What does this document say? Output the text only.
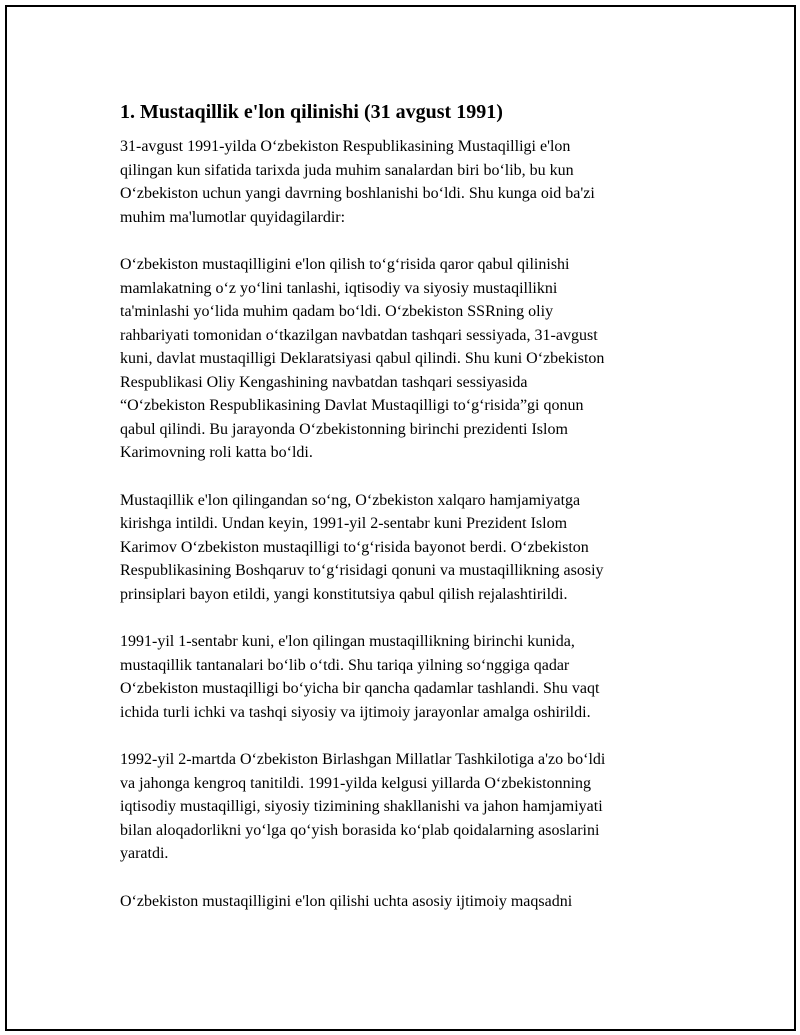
1. Mustaqillik e'lon qilinishi (31 avgust 1991)

31-avgust 1991-yilda O‘zbekiston Respublikasining Mustaqilligi e'lon
qilingan kun sifatida tarixda juda muhim sanalardan biri bo‘lib, bu kun
O‘zbekiston uchun yangi davrning boshlanishi bo‘ldi. Shu kunga oid ba'zi
muhim ma'lumotlar quyidagilardir:

O‘zbekiston mustaqilligini e'lon qilish to‘g‘risida qaror qabul qilinishi
mamlakatning o‘z yo‘lini tanlashi, iqtisodiy va siyosiy mustaqillikni
ta'minlashi yo‘lida muhim qadam bo‘ldi. O‘zbekiston SSRning oliy
rahbariyati tomonidan o‘tkazilgan navbatdan tashqari sessiyada, 31-avgust
kuni, davlat mustaqilligi Deklaratsiyasi qabul qilindi. Shu kuni O‘zbekiston
Respublikasi Oliy Kengashining navbatdan tashqari sessiyasida
“O‘zbekiston Respublikasining Davlat Mustaqilligi to‘g‘risida”gi qonun
qabul qilindi. Bu jarayonda O‘zbekistonning birinchi prezidenti Islom
Karimovning roli katta bo‘ldi.

Mustaqillik e'lon qilingandan so‘ng, O‘zbekiston xalqaro hamjamiyatga
kirishga intildi. Undan keyin, 1991-yil 2-sentabr kuni Prezident Islom
Karimov O‘zbekiston mustaqilligi to‘g‘risida bayonot berdi. O‘zbekiston
Respublikasining Boshqaruv to‘g‘risidagi qonuni va mustaqillikning asosiy
prinsiplari bayon etildi, yangi konstitutsiya qabul qilish rejalashtirildi.

1991-yil 1-sentabr kuni, e'lon qilingan mustaqillikning birinchi kunida,
mustaqillik tantanalari bo‘lib o‘tdi. Shu tariqa yilning so‘nggiga qadar
O‘zbekiston mustaqilligi bo‘yicha bir qancha qadamlar tashlandi. Shu vaqt
ichida turli ichki va tashqi siyosiy va ijtimoiy jarayonlar amalga oshirildi.

1992-yil 2-martda O‘zbekiston Birlashgan Millatlar Tashkilotiga a'zo bo‘ldi
va jahonga kengroq tanitildi. 1991-yilda kelgusi yillarda O‘zbekistonning
iqtisodiy mustaqilligi, siyosiy tizimining shakllanishi va jahon hamjamiyati
bilan aloqadorlikni yo‘lga qo‘yish borasida ko‘plab qoidalarning asoslarini
yaratdi.

O‘zbekiston mustaqilligini e'lon qilishi uchta asosiy ijtimoiy maqsadni
